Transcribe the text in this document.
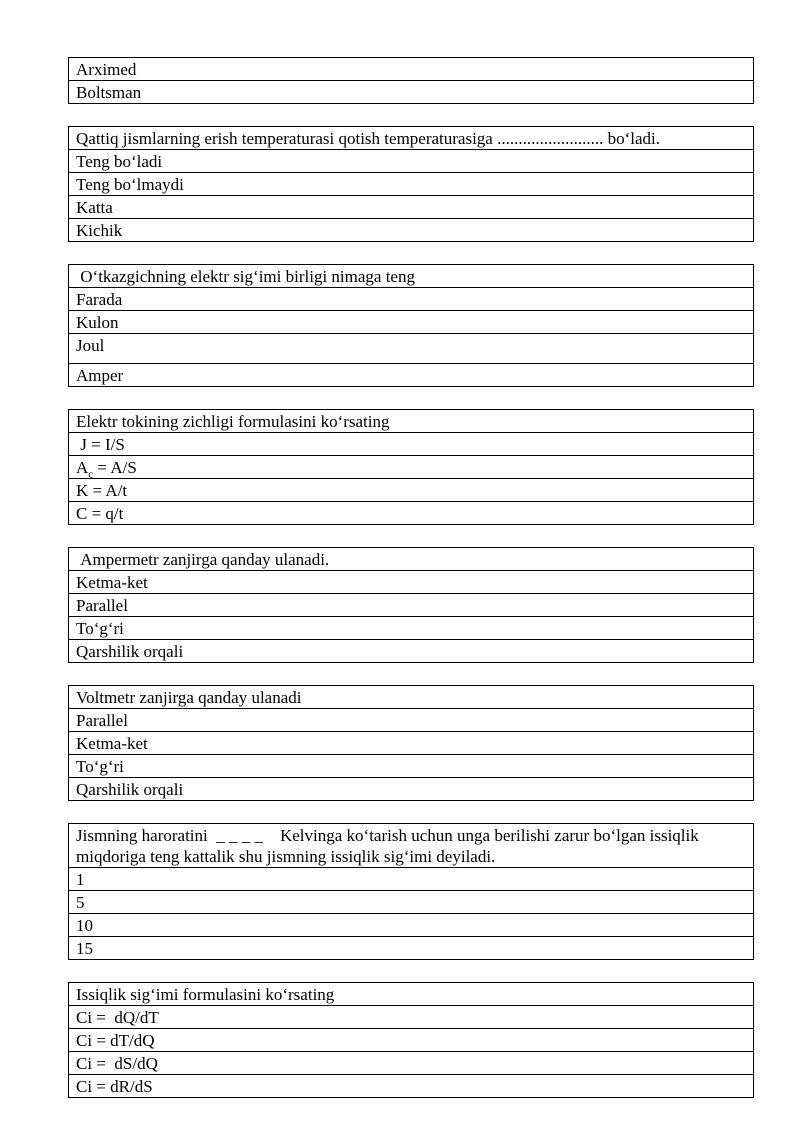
Arximed
Boltsman
Qattiq jismlarning erish temperaturasi qotish temperaturasiga ......................... bo‘ladi.
Teng bo‘ladi
Teng bo‘lmaydi
Katta
Kichik
O‘tkazgichning elektr sig‘imi birligi nimaga teng
Farada
Kulon
Joul
Amper
Elektr tokining zichligi formulasini ko‘rsating
J = I/S
$A_c = A/S$
K = A/t
C = q/t
Ampermetr zanjirga qanday ulanadi.
Ketma-ket
Parallel
To‘g‘ri
Qarshilik orqali
Voltmetr zanjirga qanday ulanadi
Parallel
Ketma-ket
To‘g‘ri
Qarshilik orqali
Jismning haroratini  _ _ _ _    Kelvinga ko‘tarish uchun unga berilishi zarur bo‘lgan issiqlik miqdoriga teng kattalik shu jismning issiqlik sig‘imi deyiladi.
1
5
10
15
Issiqlik sig‘imi formulasini ko‘rsating
Ci =  dQ/dT
Ci = dT/dQ
Ci =  dS/dQ
Ci = dR/dS
